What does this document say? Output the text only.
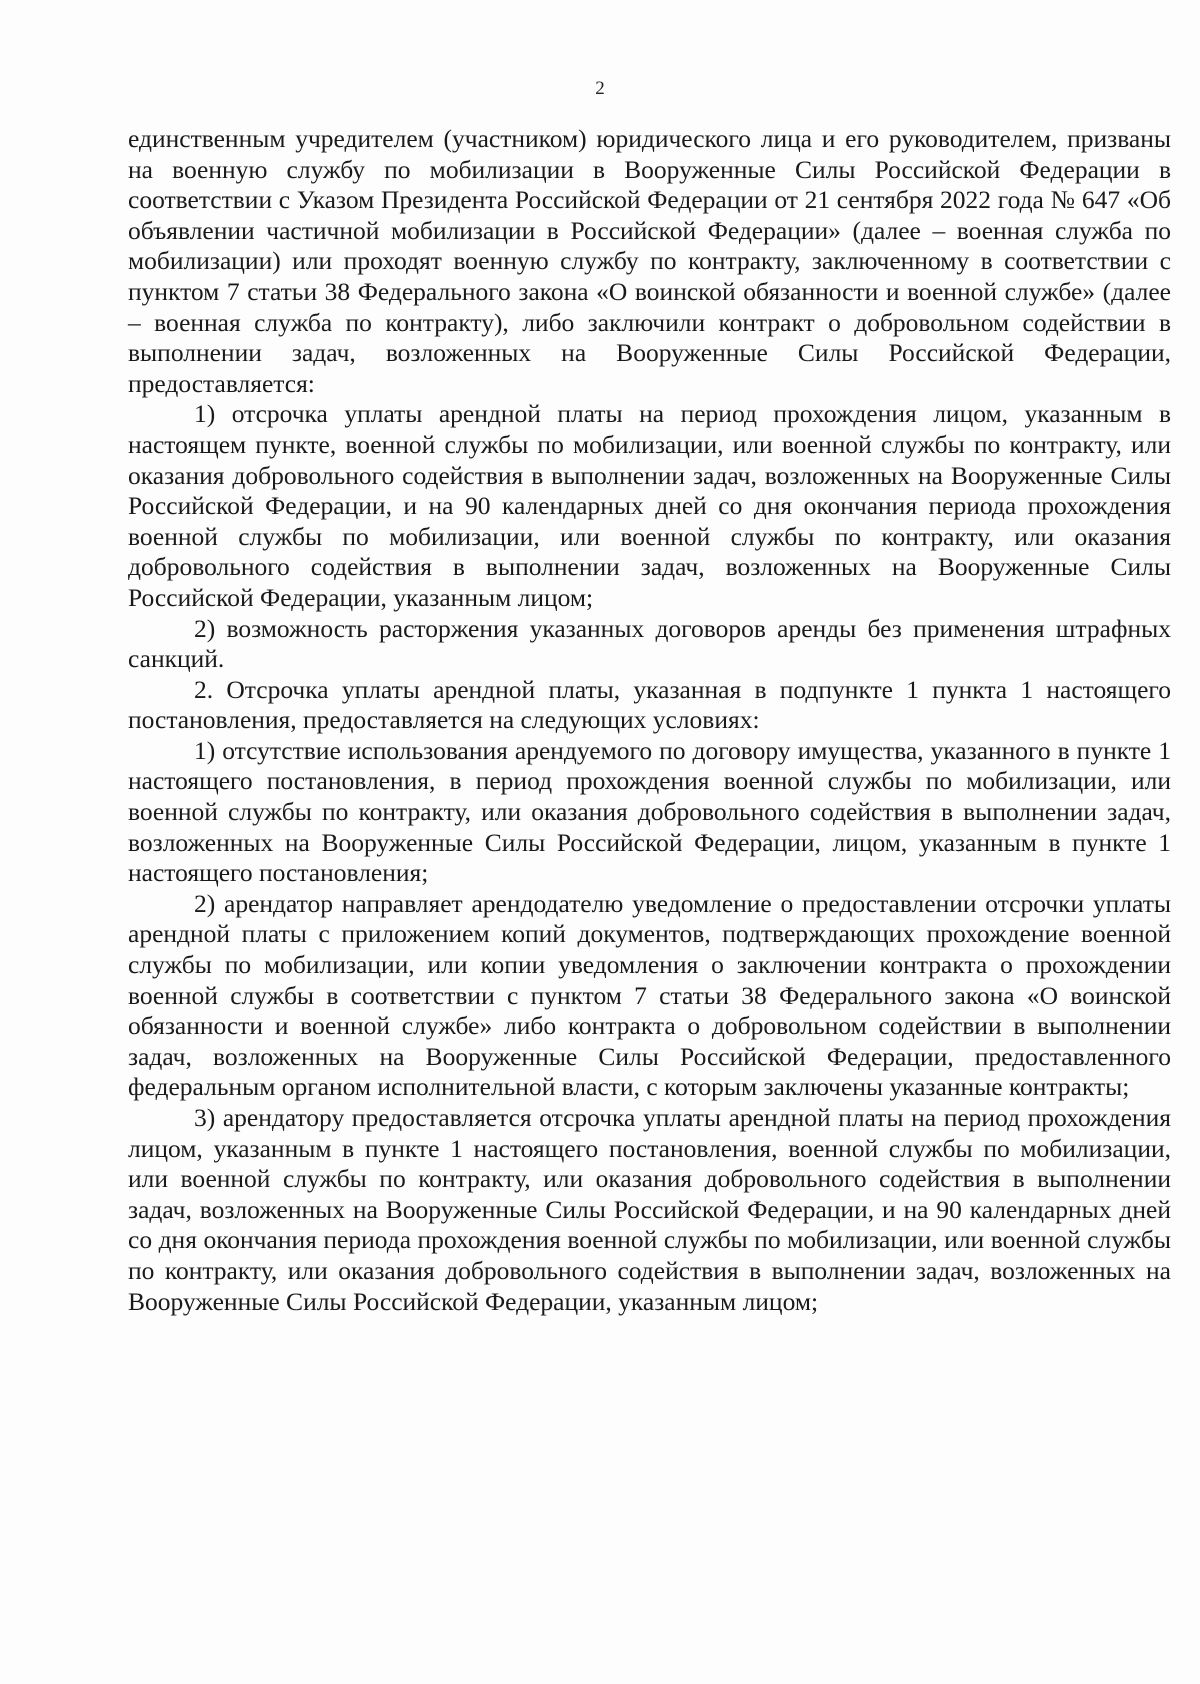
2

единственным учредителем (участником) юридического лица и его руководителем, призваны на военную службу по мобилизации в Вооруженные Силы Российской Федерации в соответствии с Указом Президента Российской Федерации от 21 сентября 2022 года № 647 «Об объявлении частичной мобилизации в Российской Федерации» (далее – военная служба по мобилизации) или проходят военную службу по контракту, заключенному в соответствии с пунктом 7 статьи 38 Федерального закона «О воинской обязанности и военной службе» (далее – военная служба по контракту), либо заключили контракт о добровольном содействии в выполнении задач, возложенных на Вооруженные Силы Российской Федерации, предоставляется:

1) отсрочка уплаты арендной платы на период прохождения лицом, указанным в настоящем пункте, военной службы по мобилизации, или военной службы по контракту, или оказания добровольного содействия в выполнении задач, возложенных на Вооруженные Силы Российской Федерации, и на 90 календарных дней со дня окончания периода прохождения военной службы по мобилизации, или военной службы по контракту, или оказания добровольного содействия в выполнении задач, возложенных на Вооруженные Силы Российской Федерации, указанным лицом;

2) возможность расторжения указанных договоров аренды без применения штрафных санкций.

2. Отсрочка уплаты арендной платы, указанная в подпункте 1 пункта 1 настоящего постановления, предоставляется на следующих условиях:

1) отсутствие использования арендуемого по договору имущества, указанного в пункте 1 настоящего постановления, в период прохождения военной службы по мобилизации, или военной службы по контракту, или оказания добровольного содействия в выполнении задач, возложенных на Вооруженные Силы Российской Федерации, лицом, указанным в пункте 1 настоящего постановления;

2) арендатор направляет арендодателю уведомление о предоставлении отсрочки уплаты арендной платы с приложением копий документов, подтверждающих прохождение военной службы по мобилизации, или копии уведомления о заключении контракта о прохождении военной службы в соответствии с пунктом 7 статьи 38 Федерального закона «О воинской обязанности и военной службе» либо контракта о добровольном содействии в выполнении задач, возложенных на Вооруженные Силы Российской Федерации, предоставленного федеральным органом исполнительной власти, с которым заключены указанные контракты;

3) арендатору предоставляется отсрочка уплаты арендной платы на период прохождения лицом, указанным в пункте 1 настоящего постановления, военной службы по мобилизации, или военной службы по контракту, или оказания добровольного содействия в выполнении задач, возложенных на Вооруженные Силы Российской Федерации, и на 90 календарных дней со дня окончания периода прохождения военной службы по мобилизации, или военной службы по контракту, или оказания добровольного содействия в выполнении задач, возложенных на Вооруженные Силы Российской Федерации, указанным лицом;
